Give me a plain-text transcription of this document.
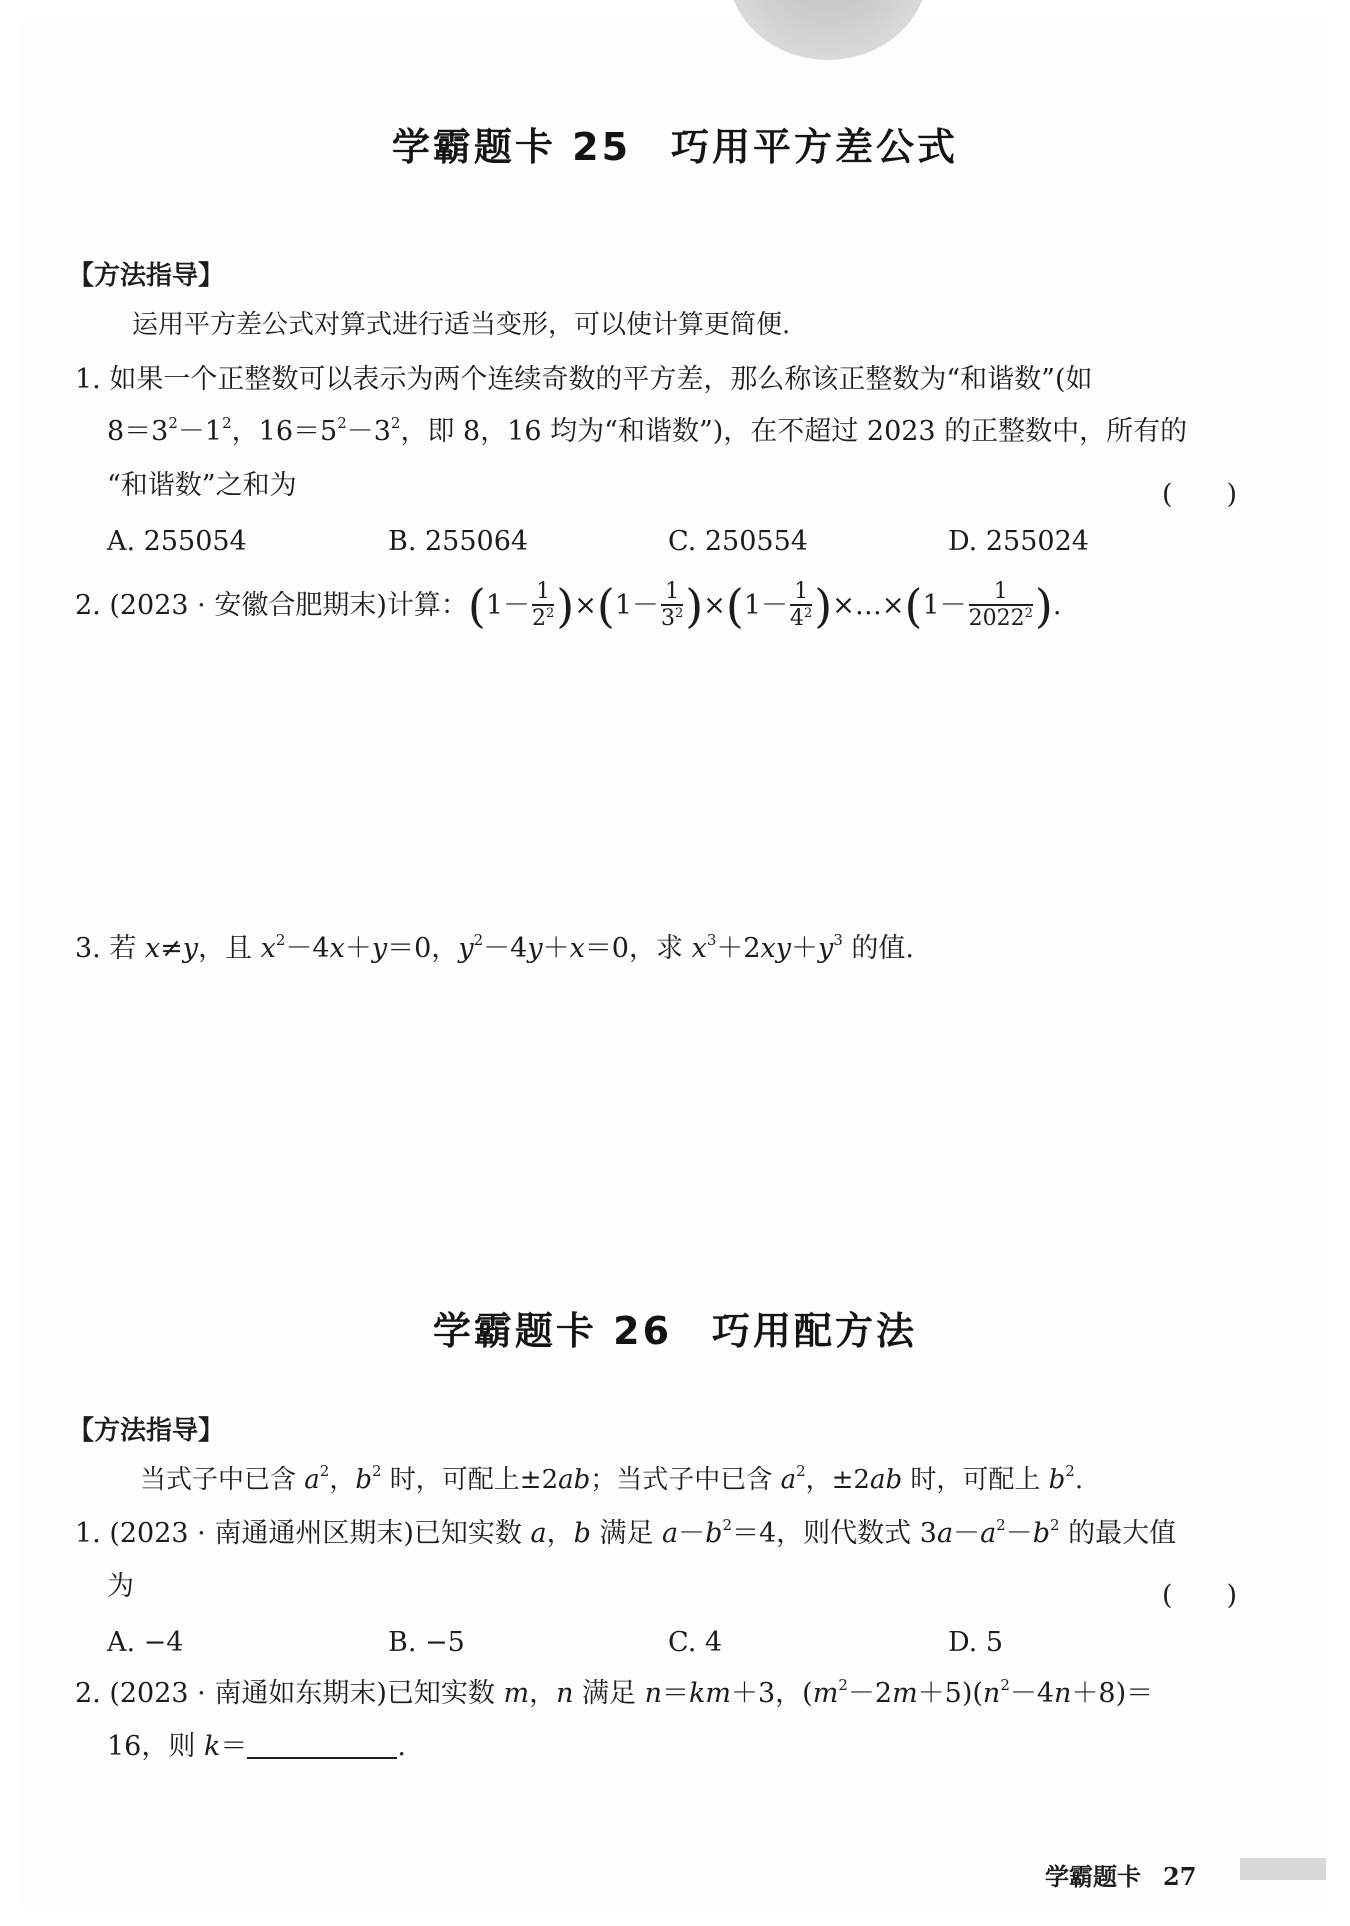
学霸题卡 25 巧用平方差公式
【方法指导】
运用平方差公式对算式进行适当变形，可以使计算更简便.
1. 如果一个正整数可以表示为两个连续奇数的平方差，那么称该正整数为“和谐数”(如
$8=3^2-1^2$，$16=5^2-3^2$，即 8，16 均为“和谐数”)，在不超过 2023 的正整数中，所有的
“和谐数”之和为	(　　)
A. 255054	B. 255064	C. 250554	D. 255024
2. (2023 · 安徽合肥期末)计算：$(1- \frac{1}{2^2} )\times(1- \frac{1}{3^2} )\times(1- \frac{1}{4^2}$ )×…×(1－ $\frac{1}{2022^2}$ ).
3. 若 x≠y，且 $x^2-4x+y=0$，$y^2-4y+x=0$，求 $x^3+2xy+y^3$ 的值.
学霸题卡 26 巧用配方法
【方法指导】
当式子中已含 $a^2$，$b^2$ 时，可配上±2ab；当式子中已含 $a^2$，±2ab 时，可配上 $b^2$.
1. (2023 · 南通通州区期末)已知实数 a，b 满足 $a-b^2=4$，则代数式 $3a-a^2-b^2$ 的最大值
为	(　　)
A. −4	B. −5	C. 4	D. 5
2. (2023 · 南通如东期末)已知实数 m，n 满足 n＝km＋3，$(m^2-2m+5)(n^2-4n+8)=$
16，则 k＝	.
学霸题卡 27
